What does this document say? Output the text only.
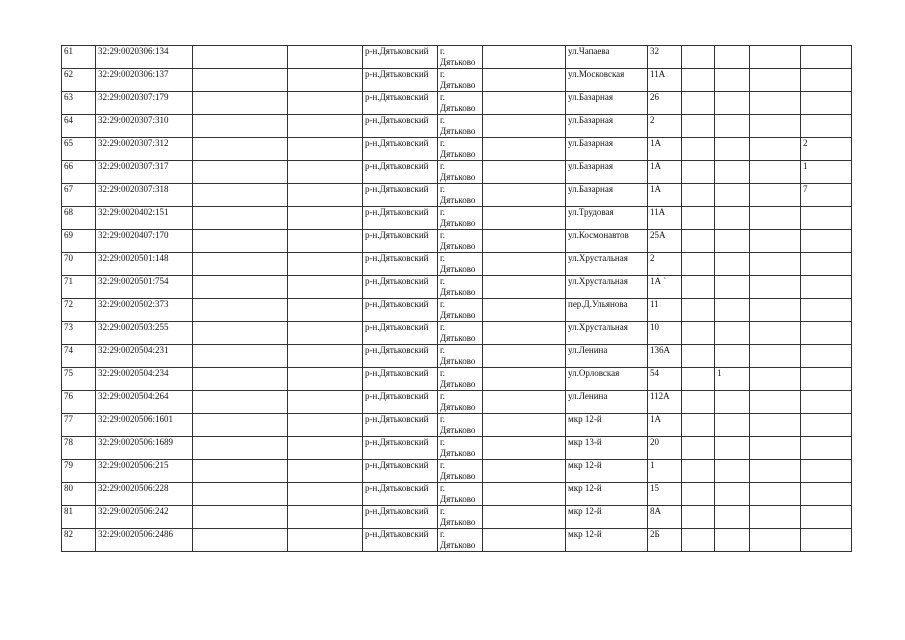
61	32:29:0020306:134			р-н.Дятьковский	г.
Дятьково		ул.Чапаева	32				
62	32:29:0020306:137			р-н.Дятьковский	г.
Дятьково		ул.Московская	11А				
63	32:29:0020307:179			р-н.Дятьковский	г.
Дятьково		ул.Базарная	26				
64	32:29:0020307:310			р-н.Дятьковский	г.
Дятьково		ул.Базарная	2				
65	32:29:0020307:312			р-н.Дятьковский	г.
Дятьково		ул.Базарная	1А				2
66	32:29:0020307:317			р-н.Дятьковский	г.
Дятьково		ул.Базарная	1А				1
67	32:29:0020307:318			р-н.Дятьковский	г.
Дятьково		ул.Базарная	1А				7
68	32:29:0020402:151			р-н.Дятьковский	г.
Дятьково		ул.Трудовая	11А				
69	32:29:0020407:170			р-н.Дятьковский	г.
Дятьково		ул.Космонавтов	25А				
70	32:29:0020501:148			р-н.Дятьковский	г.
Дятьково		ул.Хрустальная	2				
71	32:29:0020501:754			р-н.Дятьковский	г.
Дятьково		ул.Хрустальная	1А `				
72	32:29:0020502:373			р-н.Дятьковский	г.
Дятьково		пер.Д.Ульянова	11				
73	32:29:0020503:255			р-н.Дятьковский	г.
Дятьково		ул.Хрустальная	10				
74	32:29:0020504:231			р-н.Дятьковский	г.
Дятьково		ул.Ленина	136А				
75	32:29:0020504:234			р-н.Дятьковский	г.
Дятьково		ул.Орловская	54		1		
76	32:29:0020504:264			р-н.Дятьковский	г.
Дятьково		ул.Ленина	112А				
77	32:29:0020506:1601			р-н.Дятьковский	г.
Дятьково		мкр 12-й	1А				
78	32:29:0020506:1689			р-н.Дятьковский	г.
Дятьково		мкр 13-й	20				
79	32:29:0020506:215			р-н.Дятьковский	г.
Дятьково		мкр 12-й	1				
80	32:29:0020506:228			р-н.Дятьковский	г.
Дятьково		мкр 12-й	15				
81	32:29:0020506:242			р-н.Дятьковский	г.
Дятьково		мкр 12-й	8А				
82	32:29:0020506:2486			р-н.Дятьковский	г.
Дятьково		мкр 12-й	2Б				
